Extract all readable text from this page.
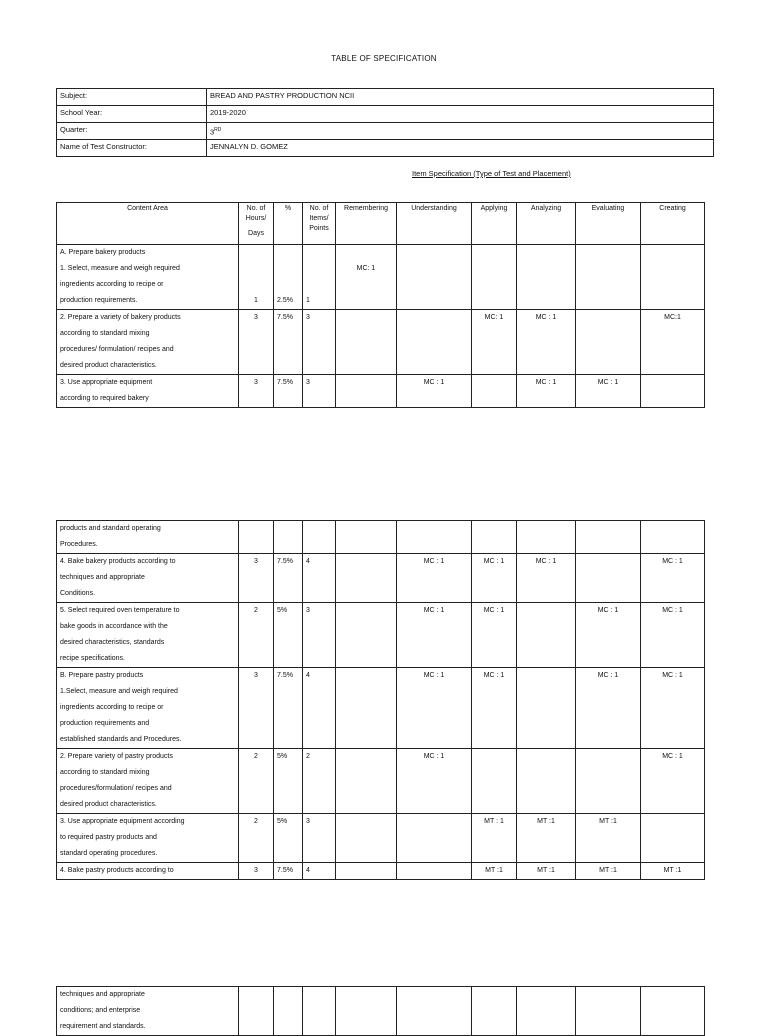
TABLE OF SPECIFICATION
Subject:	BREAD AND PASTRY PRODUCTION NCII
School Year:	2019-2020
Quarter:	3RD
Name of Test Constructor:	JENNALYN D. GOMEZ
Item Specification (Type of Test and Placement)
Content Area	No. of
Hours/
Days	%	No. of
Items/
Points	Remembering	Understanding	Applying	Analyzing	Evaluating	Creating

A. Prepare bakery products
1. Select, measure and weigh required
ingredients according to recipe or
production requirements.	1	2.5%	1	MC: 1					

2. Prepare a variety of bakery products
according to standard mixing
procedures/ formulation/ recipes and
desired product characteristics.	3	7.5%	3			MC: 1	MC : 1		MC:1

3. Use appropriate equipment
according to required bakery	3	7.5%	3		MC : 1		MC : 1	MC : 1	
products and standard operating
Procedures.									

4. Bake bakery products according to
techniques and appropriate
Conditions.	3	7.5%	4		MC : 1	MC : 1	MC : 1		MC : 1

5. Select required oven temperature to
bake goods in accordance with the
desired characteristics, standards
recipe specifications.	2	5%	3		MC : 1	MC : 1		MC : 1	MC : 1

B. Prepare pastry products
1.Select, measure and weigh required
ingredients according to recipe or
production requirements and
established standards and Procedures.	3	7.5%	4		MC : 1	MC : 1		MC : 1	MC : 1

2. Prepare variety of pastry products
according to standard mixing
procedures/formulation/ recipes and
desired product characteristics.	2	5%	2		MC : 1				MC : 1

3. Use appropriate equipment according
to required pastry products and
standard operating procedures.	2	5%	3			MT : 1	MT :1	MT :1	

4. Bake pastry products according to	3	7.5%	4			MT :1	MT :1	MT :1	MT :1
techniques and appropriate
conditions; and enterprise
requirement and standards.
